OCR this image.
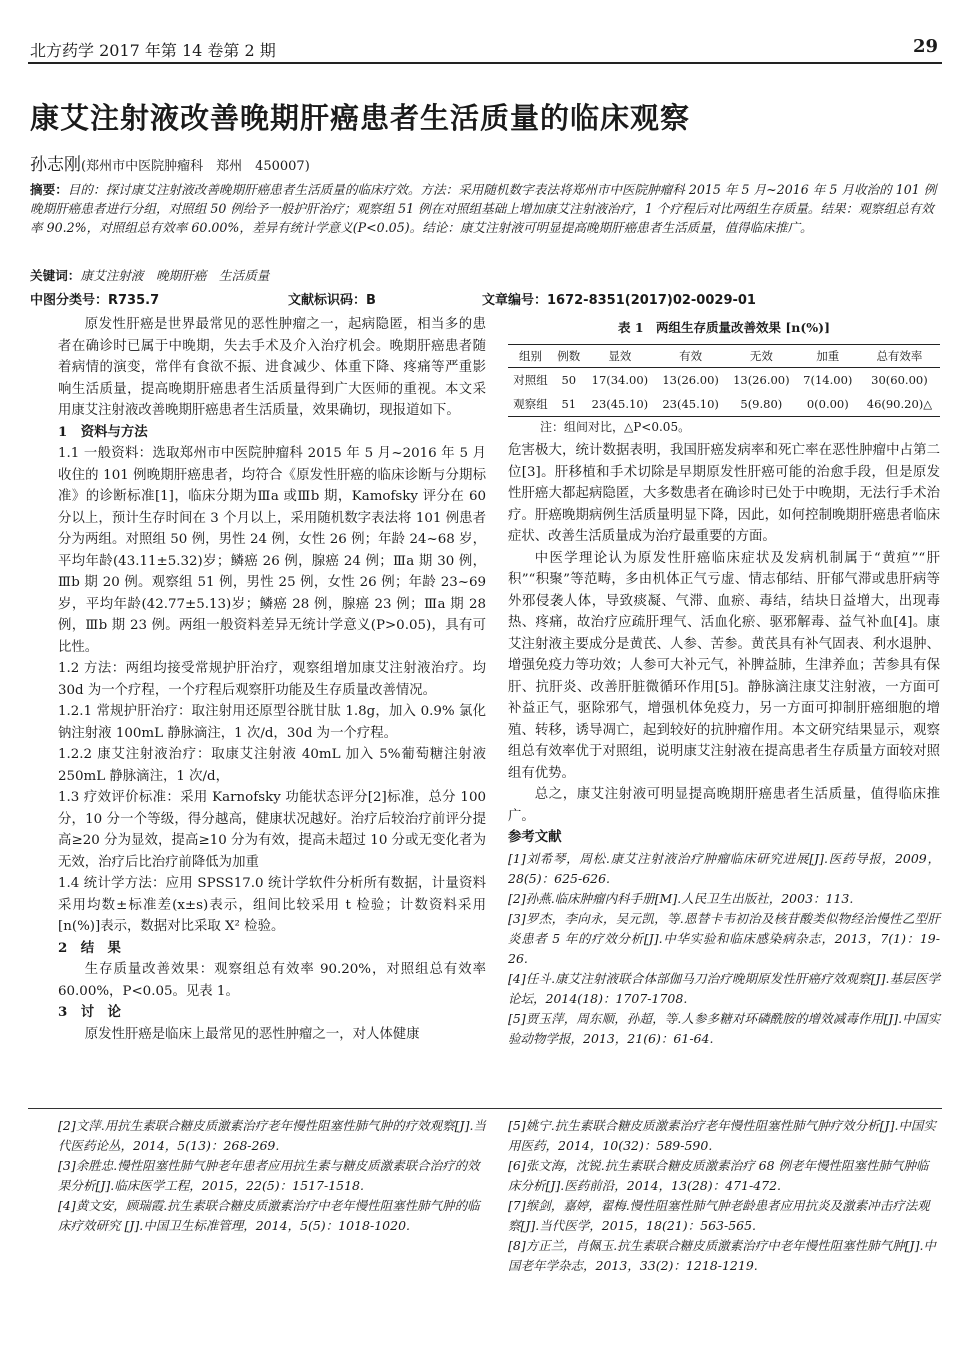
北方药学 2017 年第 14 卷第 2 期	29
康艾注射液改善晚期肝癌患者生活质量的临床观察
孙志刚(郑州市中医院肿瘤科　郑州　450007)
摘要：目的：探讨康艾注射液改善晚期肝癌患者生活质量的临床疗效。方法：采用随机数字表法将郑州市中医院肿瘤科 2015 年 5 月~2016 年 5 月收治的 101 例晚期肝癌患者进行分组，对照组 50 例给予一般护肝治疗；观察组 51 例在对照组基础上增加康艾注射液治疗，1 个疗程后对比两组生存质量。结果：观察组总有效率 90.2%，对照组总有效率 60.00%，差异有统计学意义(P<0.05)。结论：康艾注射液可明显提高晚期肝癌患者生活质量，值得临床推广。
关键词：康艾注射液　晚期肝癌　生活质量
中图分类号：R735.7	文献标识码：B	文章编号：1672-8351(2017)02-0029-01

原发性肝癌是世界最常见的恶性肿瘤之一，起病隐匿，相当多的患者在确诊时已属于中晚期，失去手术及介入治疗机会。晚期肝癌患者随着病情的演变，常伴有食欲不振、进食减少、体重下降、疼痛等严重影响生活质量，提高晚期肝癌患者生活质量得到广大医师的重视。本文采用康艾注射液改善晚期肝癌患者生活质量，效果确切，现报道如下。

1　资料与方法

1.1 一般资料：选取郑州市中医院肿瘤科 2015 年 5 月~2016 年 5 月收住的 101 例晚期肝癌患者，均符合《原发性肝癌的临床诊断与分期标准》的诊断标准[1]，临床分期为Ⅲa 或Ⅲb 期，Kamofsky 评分在 60 分以上，预计生存时间在 3 个月以上，采用随机数字表法将 101 例患者分为两组。对照组 50 例，男性 24 例，女性 26 例；年龄 24~68 岁，平均年龄(43.11±5.32)岁；鳞癌 26 例，腺癌 24 例；Ⅲa 期 30 例，Ⅲb 期 20 例。观察组 51 例，男性 25 例，女性 26 例；年龄 23~69 岁，平均年龄(42.77±5.13)岁；鳞癌 28 例，腺癌 23 例；Ⅲa 期 28 例，Ⅲb 期 23 例。两组一般资料差异无统计学意义(P>0.05)，具有可比性。

1.2 方法：两组均接受常规护肝治疗，观察组增加康艾注射液治疗。均 30d 为一个疗程，一个疗程后观察肝功能及生存质量改善情况。

1.2.1 常规护肝治疗：取注射用还原型谷胱甘肽 1.8g，加入 0.9% 氯化钠注射液 100mL 静脉滴注，1 次/d，30d 为一个疗程。

1.2.2 康艾注射液治疗：取康艾注射液 40mL 加入 5%葡萄糖注射液 250mL 静脉滴注，1 次/d，

1.3 疗效评价标准：采用 Karnofsky 功能状态评分[2]标准，总分 100 分，10 分一个等级，得分越高，健康状况越好。治疗后较治疗前评分提高≥20 分为显效，提高≥10 分为有效，提高未超过 10 分或无变化者为无效，治疗后比治疗前降低为加重

1.4 统计学方法：应用 SPSS17.0 统计学软件分析所有数据，计量资料采用均数±标准差(x±s)表示，组间比较采用 t 检验；计数资料采用[n(%)]表示，数据对比采取 X² 检验。

2　结　果

生存质量改善效果：观察组总有效率 90.20%，对照组总有效率 60.00%，P<0.05。见表 1。

3　讨　论

原发性肝癌是临床上最常见的恶性肿瘤之一，对人体健康

表 1　两组生存质量改善效果 [n(%)]
组别	例数	显效	有效	无效	加重	总有效率
对照组	50	17(34.00)	13(26.00)	13(26.00)	7(14.00)	30(60.00)
观察组	51	23(45.10)	23(45.10)	5(9.80)	0(0.00)	46(90.20)△
注：组间对比，△P<0.05。

危害极大，统计数据表明，我国肝癌发病率和死亡率在恶性肿瘤中占第二位[3]。肝移植和手术切除是早期原发性肝癌可能的治愈手段，但是原发性肝癌大都起病隐匿，大多数患者在确诊时已处于中晚期，无法行手术治疗。肝癌晚期病例生活质量明显下降，因此，如何控制晚期肝癌患者临床症状、改善生活质量成为治疗最重要的方面。

中医学理论认为原发性肝癌临床症状及发病机制属于“黄疸”“肝积”“积聚”等范畴，多由机体正气亏虚、情志郁结、肝郁气滞或患肝病等外邪侵袭人体，导致痰凝、气滞、血瘀、毒结，结块日益增大，出现毒热、疼痛，故治疗应疏肝理气、活血化瘀、驱邪解毒、益气补血[4]。康艾注射液主要成分是黄芪、人参、苦参。黄芪具有补气固表、利水退肿、增强免疫力等功效；人参可大补元气，补脾益肺，生津养血；苦参具有保肝、抗肝炎、改善肝脏微循环作用[5]。静脉滴注康艾注射液，一方面可补益正气，驱除邪气，增强机体免疫力，另一方面可抑制肝癌细胞的增殖、转移，诱导凋亡，起到较好的抗肿瘤作用。本文研究结果显示，观察组总有效率优于对照组，说明康艾注射液在提高患者生存质量方面较对照组有优势。

总之，康艾注射液可明显提高晚期肝癌患者生活质量，值得临床推广。

参考文献

[1]刘希琴，周松.康艾注射液治疗肿瘤临床研究进展[J].医药导报，2009，28(5)：625-626.

[2]孙燕.临床肿瘤内科手册[M].人民卫生出版社，2003：113.

[3]罗杰，李向永，吴元凯，等.恩替卡韦初治及核苷酸类似物经治慢性乙型肝炎患者 5 年的疗效分析[J].中华实验和临床感染病杂志，2013，7(1)：19-26.

[4]任斗.康艾注射液联合体部伽马刀治疗晚期原发性肝癌疗效观察[J].基层医学论坛，2014(18)：1707-1708.

[5]贾玉萍，周东顺，孙超，等.人参多糖对环磷酰胺的增效减毒作用[J].中国实验动物学报，2013，21(6)：61-64.

[2]文萍.用抗生素联合糖皮质激素治疗老年慢性阻塞性肺气肿的疗效观察[J].当代医药论丛，2014，5(13)：268-269.

[3]余胜忠.慢性阻塞性肺气肿老年患者应用抗生素与糖皮质激素联合治疗的效果分析[J].临床医学工程，2015，22(5)：1517-1518.

[4]黄文安，顾瑞霞.抗生素联合糖皮质激素治疗中老年慢性阻塞性肺气肿的临床疗效研究 [J].中国卫生标准管理，2014，5(5)：1018-1020.

[5]姚宁.抗生素联合糖皮质激素治疗老年慢性阻塞性肺气肿疗效分析[J].中国实用医药，2014，10(32)：589-590.

[6]张文海，沈锐.抗生素联合糖皮质激素治疗 68 例老年慢性阻塞性肺气肿临床分析[J].医药前沿，2014，13(28)：471-472.

[7]缑剑，嘉婷，翟梅.慢性阻塞性肺气肿老龄患者应用抗炎及激素冲击疗法观察[J].当代医学，2015，18(21)：563-565.

[8]方正兰，肖佩玉.抗生素联合糖皮质激素治疗中老年慢性阻塞性肺气肿[J].中国老年学杂志，2013，33(2)：1218-1219.
